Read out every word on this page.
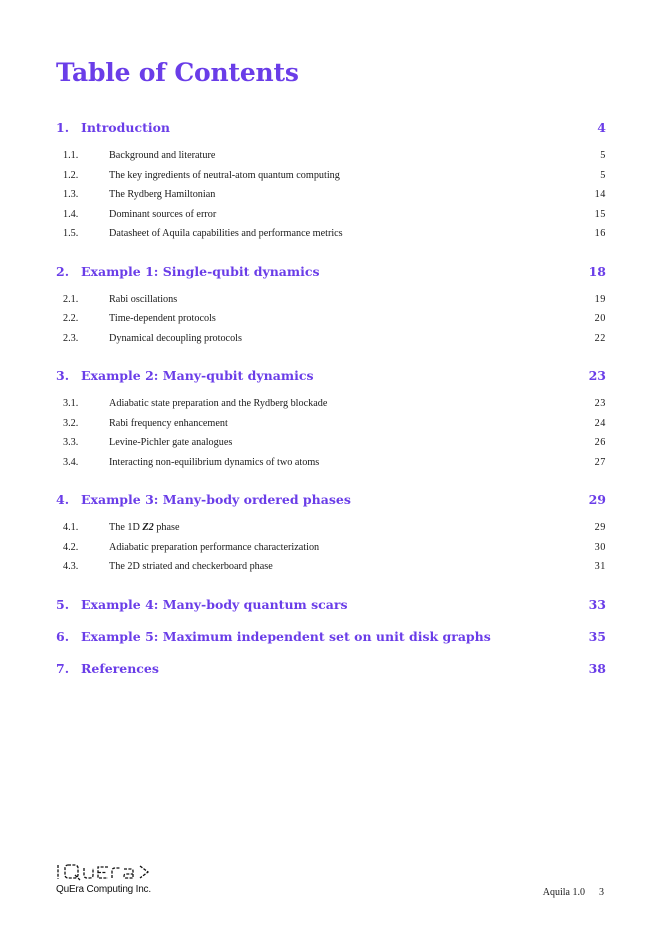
Table of Contents
1. Introduction	4
1.1.	Background and literature	5
1.2.	The key ingredients of neutral-atom quantum computing	5
1.3.	The Rydberg Hamiltonian	14
1.4.	Dominant sources of error	15
1.5.	Datasheet of Aquila capabilities and performance metrics	16
2. Example 1: Single-qubit dynamics	18
2.1.	Rabi oscillations	19
2.2.	Time-dependent protocols	20
2.3.	Dynamical decoupling protocols	22
3. Example 2: Many-qubit dynamics	23
3.1.	Adiabatic state preparation and the Rydberg blockade	23
3.2.	Rabi frequency enhancement	24
3.3.	Levine-Pichler gate analogues	26
3.4.	Interacting non-equilibrium dynamics of two atoms	27
4. Example 3: Many-body ordered phases	29
4.1.	The 1D Z2 phase	29
4.2.	Adiabatic preparation performance characterization	30
4.3.	The 2D striated and checkerboard phase	31
5. Example 4: Many-body quantum scars	33
6. Example 5: Maximum independent set on unit disk graphs	35
7. References	38
QuEra Computing Inc.	Aquila 1.0 3
